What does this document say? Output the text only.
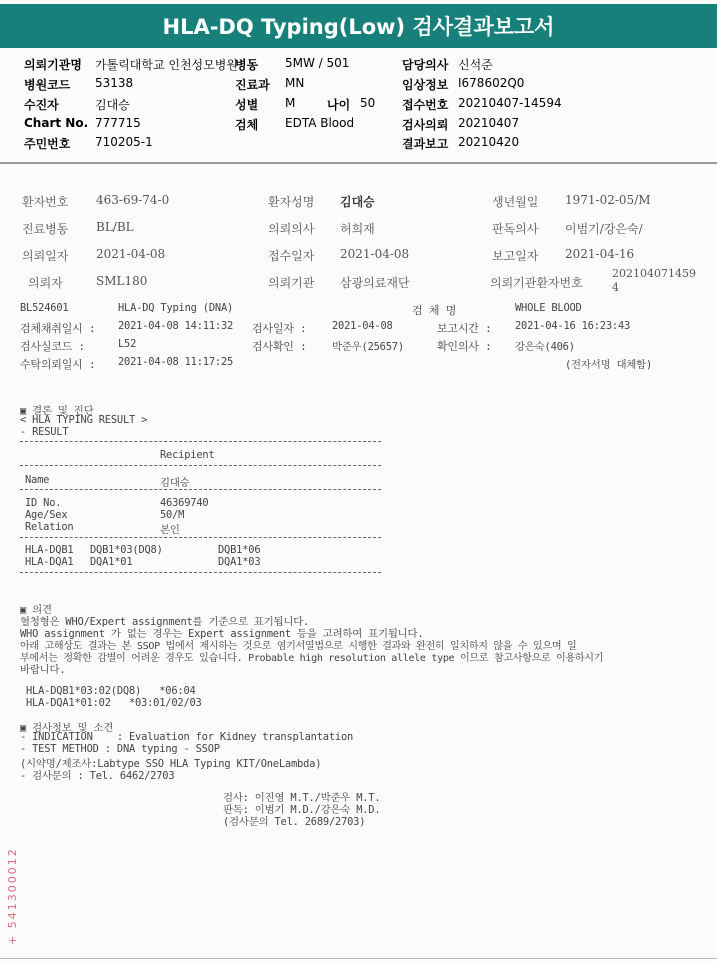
HLA-DQ Typing(Low) 검사결과보고서
의뢰기관명 가톨릭대학교 인천성모병원
병동 5MW / 501	담당의사 신석준
병원코드 53138	진료과 MN	임상정보 I678602Q0
수진자	김대승	성별 M	나이 50 접수번호 20210407-14594
Chart No. 777715	검체 EDTA Blood	검사의뢰 20210407
주민번호 710205-1	결과보고 20210420
환자번호 463-69-74-0	환자성명 김대승	생년월일 1971-02-05/M
진료병동 BL/BL	의뢰의사 허희재	판독의사 이범기/강은숙/
의뢰일자 2021-04-08	접수일자 2021-04-08	보고일자 2021-04-16
의뢰자	SML180	의뢰기관 삼광의료재단	의뢰기관환자번호
202104071459
4
BL524601	HLA-DQ Typing (DNA)	검 체 명	WHOLE BLOOD
검체채취일시 : 2021-04-08 14:11:32 검사일자 : 2021-04-08	보고시간 : 2021-04-16 16:23:43
검사실코드 :	L52	검사확인 : 박준우(25657)	확인의사 : 강은숙(406)
수탁의뢰일시 : 2021-04-08 11:17:25	(전자서명 대체함)
▣ 결론 및 진단
< HLA TYPING RESULT >
- RESULT
Recipient
Name	김대승
ID No.	46369740
Age/Sex	50/M
Relation	본인
HLA-DQB1 DQB1*03(DQ8)	DQB1*06
HLA-DQA1 DQA1*01	DQA1*03
▣ 의견
혈청형은 WHO/Expert assignment를 기준으로 표기됩니다.
WHO assignment 가 없는 경우는 Expert assignment 등을 고려하여 표기됩니다.
아래 고해상도 결과는 본 SSOP 법에서 제시하는 것으로 염기서열법으로 시행한 결과와 완전히 일치하지 않을 수 있으며 일
부에서는 정확한 감별이 어려운 경우도 있습니다. Probable high resolution allele type 이므로 참고사항으로 이용하시기
바랍니다.
HLA-DQB1*03:02(DQ8)   *06:04
HLA-DQA1*01:02   *03:01/02/03
▣ 검사정보 및 소견
- INDICATION    : Evaluation for Kidney transplantation
- TEST METHOD : DNA typing - SSOP
(시약명/제조사:Labtype SSO HLA Typing KIT/OneLambda)
- 검사문의 : Tel. 6462/2703
검사: 이진영 M.T./박준우 M.T.
판독: 이범기 M.D./강은숙 M.D.
(검사문의 Tel. 2689/2703)
+ 541300012
